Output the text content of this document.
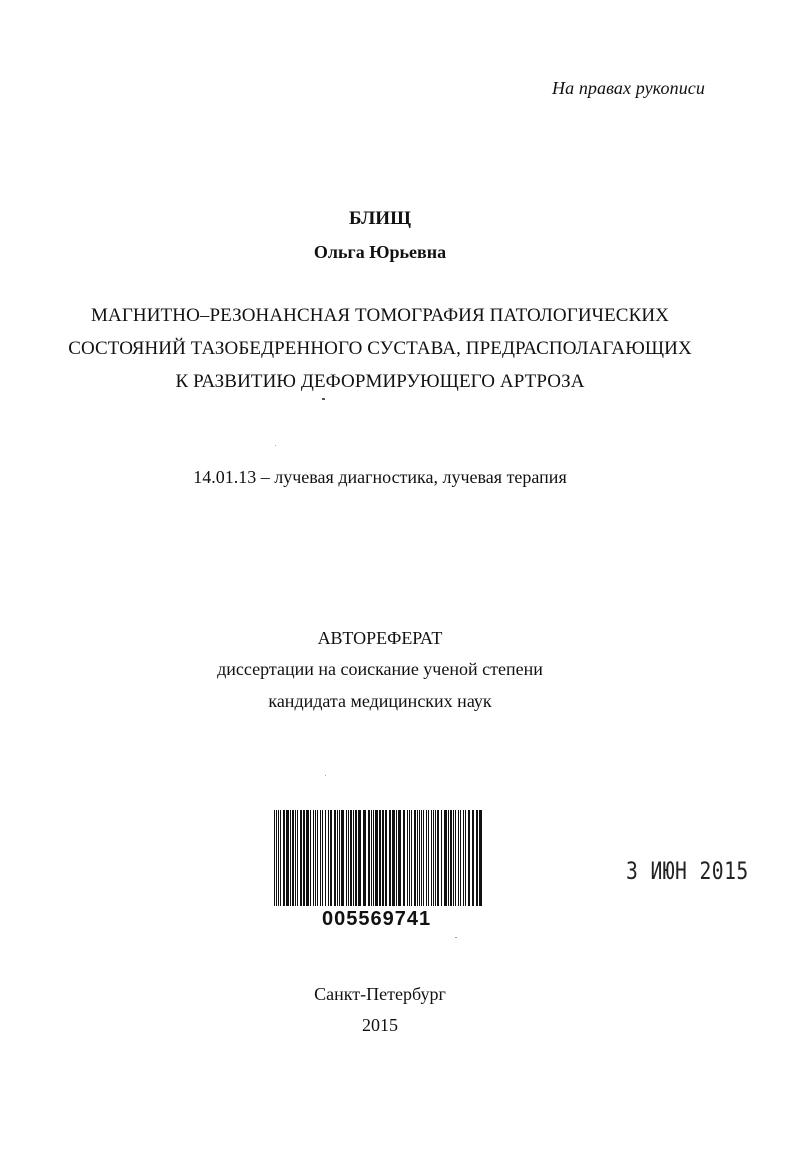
На правах рукописи
БЛИЩ
Ольга Юрьевна
МАГНИТНО–РЕЗОНАНСНАЯ ТОМОГРАФИЯ ПАТОЛОГИЧЕСКИХ
СОСТОЯНИЙ ТАЗОБЕДРЕННОГО СУСТАВА, ПРЕДРАСПОЛАГАЮЩИХ
К РАЗВИТИЮ ДЕФОРМИРУЮЩЕГО АРТРОЗА
14.01.13 – лучевая диагностика, лучевая терапия
АВТОРЕФЕРАТ
диссертации на соискание ученой степени
кандидата медицинских наук
005569741
3 ИЮН 2015
Санкт-Петербург
2015
